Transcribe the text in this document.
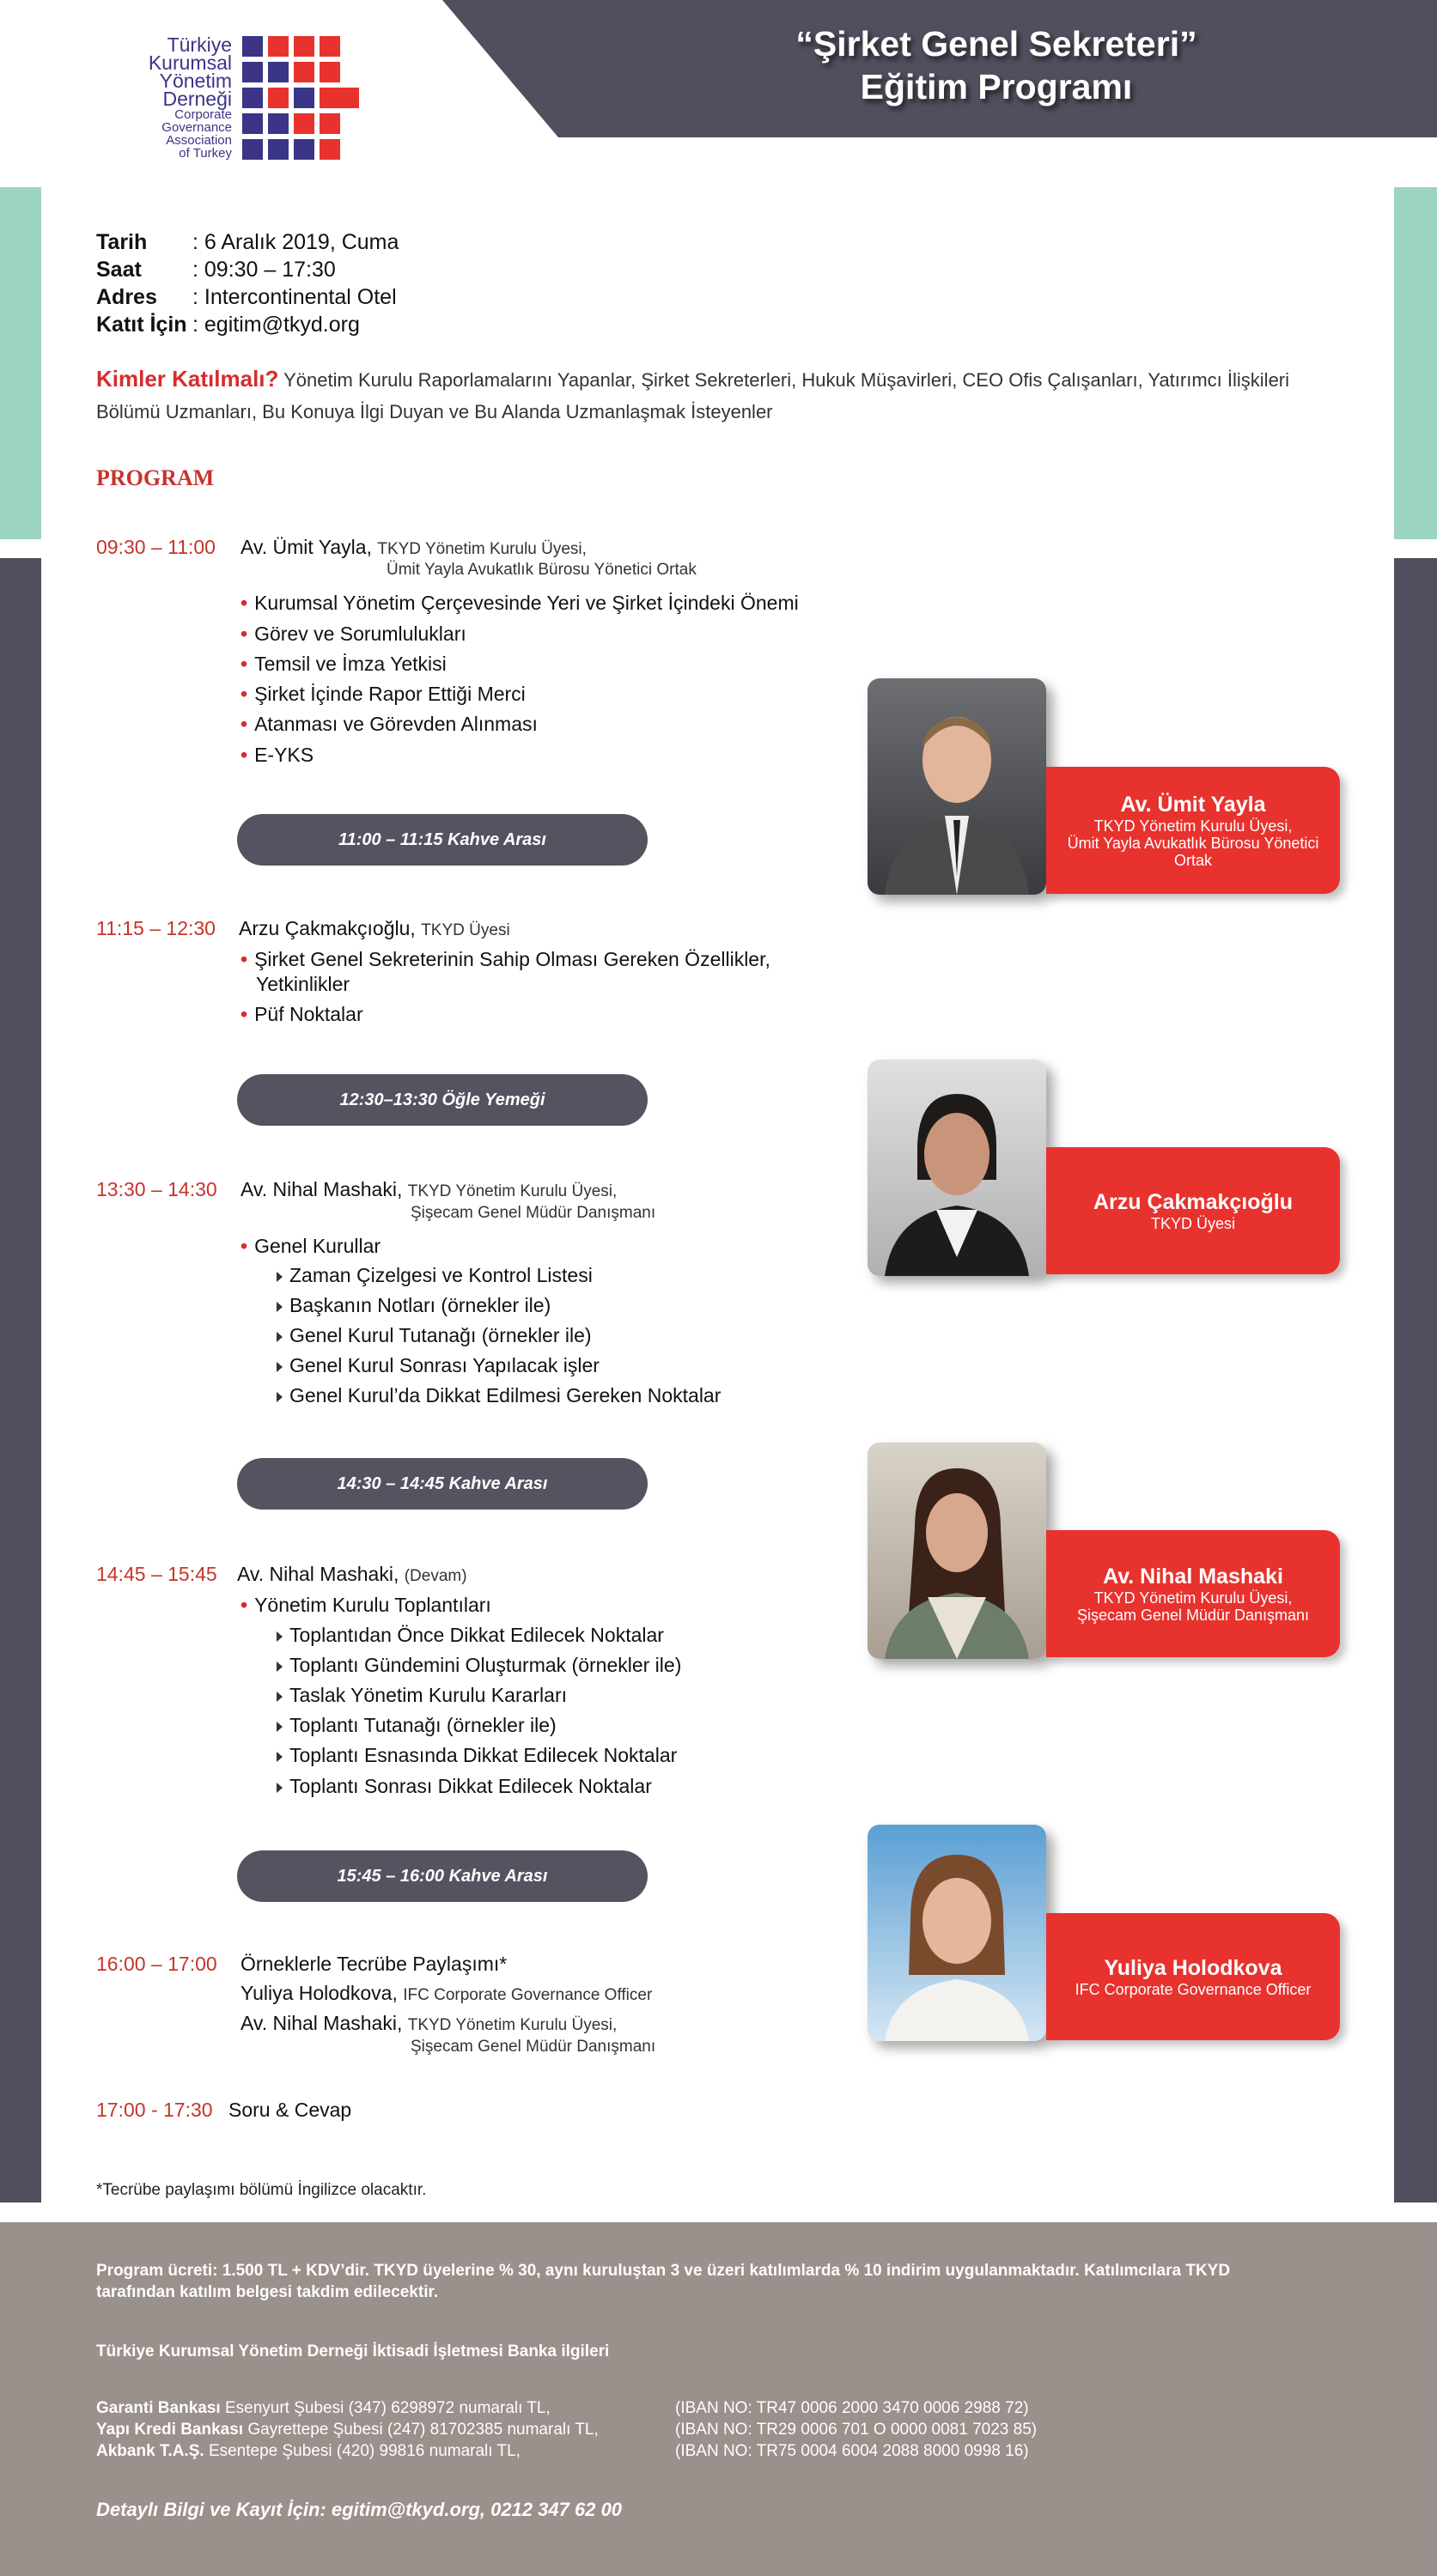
“Şirket Genel Sekreteri”
Eğitim Programı
Türkiye
Kurumsal
Yönetim
Derneği
Corporate
Governance
Association
of Turkey
Tarih	: 6 Aralık 2019, Cuma
Saat	: 09:30 – 17:30
Adres	: Intercontinental Otel
Katıt İçin : egitim@tkyd.org
Kimler Katılmalı? Yönetim Kurulu Raporlamalarını Yapanlar, Şirket Sekreterleri, Hukuk Müşavirleri, CEO Ofis Çalışanları, Yatırımcı İlişkileri Bölümü Uzmanları, Bu Konuya İlgi Duyan ve Bu Alanda Uzmanlaşmak İsteyenler
PROGRAM
09:30 – 11:00 Av. Ümit Yayla, TKYD Yönetim Kurulu Üyesi,
Ümit Yayla Avukatlık Bürosu Yönetici Ortak
• Kurumsal Yönetim Çerçevesinde Yeri ve Şirket İçindeki Önemi
• Görev ve Sorumlulukları
• Temsil ve İmza Yetkisi
• Şirket İçinde Rapor Ettiği Merci
• Atanması ve Görevden Alınması
• E-YKS
11:00 – 11:15 Kahve Arası
11:15 – 12:30 Arzu Çakmakçıoğlu, TKYD Üyesi
• Şirket Genel Sekreterinin Sahip Olması Gereken Özellikler,
Yetkinlikler
• Püf Noktalar
12:30–13:30 Öğle Yemeği
13:30 – 14:30 Av. Nihal Mashaki, TKYD Yönetim Kurulu Üyesi,
Şişecam Genel Müdür Danışmanı
• Genel Kurullar
Zaman Çizelgesi ve Kontrol Listesi
Başkanın Notları (örnekler ile)
Genel Kurul Tutanağı (örnekler ile)
Genel Kurul Sonrası Yapılacak işler
Genel Kurul’da Dikkat Edilmesi Gereken Noktalar
14:30 – 14:45 Kahve Arası
14:45 – 15:45 Av. Nihal Mashaki, (Devam)
• Yönetim Kurulu Toplantıları
Toplantıdan Önce Dikkat Edilecek Noktalar
Toplantı Gündemini Oluşturmak (örnekler ile)
Taslak Yönetim Kurulu Kararları
Toplantı Tutanağı (örnekler ile)
Toplantı Esnasında Dikkat Edilecek Noktalar
Toplantı Sonrası Dikkat Edilecek Noktalar
15:45 – 16:00 Kahve Arası
16:00 – 17:00 Örneklerle Tecrübe Paylaşımı*
Yuliya Holodkova, IFC Corporate Governance Officer
Av. Nihal Mashaki, TKYD Yönetim Kurulu Üyesi,
Şişecam Genel Müdür Danışmanı
17:00 - 17:30 Soru & Cevap
Av. Ümit Yayla
TKYD Yönetim Kurulu Üyesi,
Ümit Yayla Avukatlık Bürosu Yönetici
Ortak
Arzu Çakmakçıoğlu
TKYD Üyesi
Av. Nihal Mashaki
TKYD Yönetim Kurulu Üyesi,
Şişecam Genel Müdür Danışmanı
Yuliya Holodkova
IFC Corporate Governance Officer
*Tecrübe paylaşımı bölümü İngilizce olacaktır.
Program ücreti: 1.500 TL + KDV’dir. TKYD üyelerine % 30, aynı kuruluştan 3 ve üzeri katılımlarda % 10 indirim uygulanmaktadır. Katılımcılara TKYD
tarafından katılım belgesi takdim edilecektir.
Türkiye Kurumsal Yönetim Derneği İktisadi İşletmesi Banka ilgileri
Garanti Bankası Esenyurt Şubesi (347) 6298972 numaralı TL,	(IBAN NO: TR47 0006 2000 3470 0006 2988 72)
Yapı Kredi Bankası Gayrettepe Şubesi (247) 81702385 numaralı TL,	(IBAN NO: TR29 0006 701 O 0000 0081 7023 85)
Akbank T.A.Ş. Esentepe Şubesi (420) 99816 numaralı TL,	(IBAN NO: TR75 0004 6004 2088 8000 0998 16)
Detaylı Bilgi ve Kayıt İçin: egitim@tkyd.org, 0212 347 62 00
